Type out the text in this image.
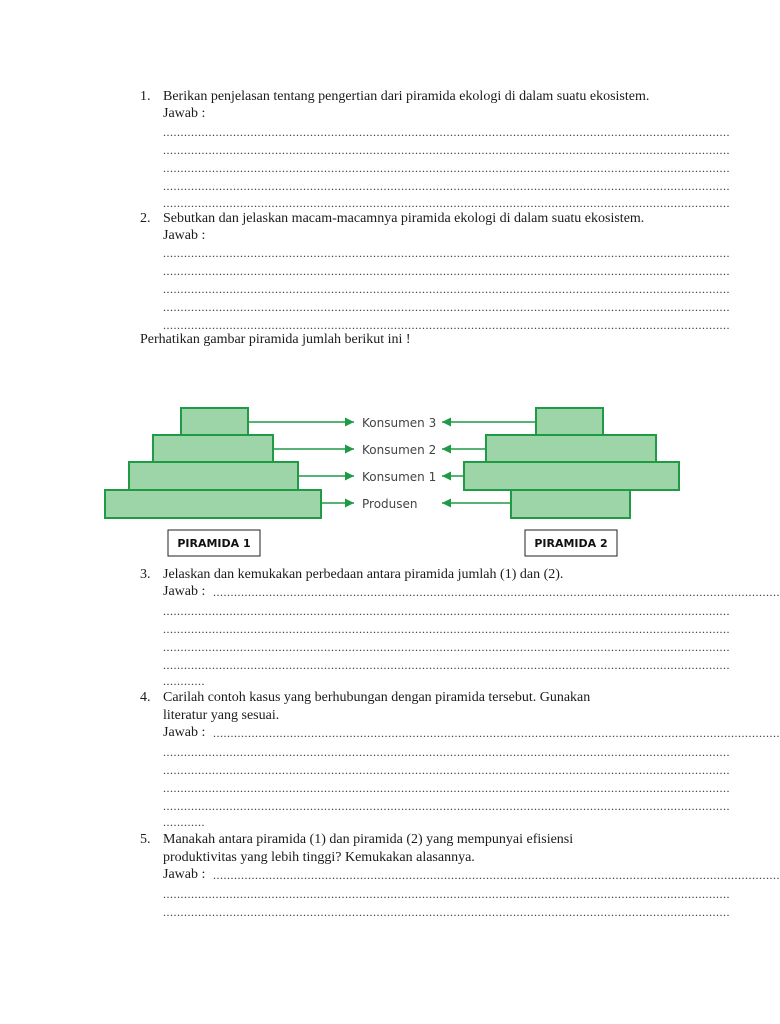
1. Berikan penjelasan tentang pengertian dari piramida ekologi di dalam suatu ekosistem.
Jawab :
..................................................................................................................................................................
..................................................................................................................................................................
..................................................................................................................................................................
..................................................................................................................................................................
..................................................................................................................................................................
2. Sebutkan dan jelaskan macam-macamnya piramida ekologi di dalam suatu ekosistem.
Jawab :
..................................................................................................................................................................
..................................................................................................................................................................
..................................................................................................................................................................
..................................................................................................................................................................
..................................................................................................................................................................
Perhatikan gambar piramida jumlah berikut ini !
Konsumen 3
Konsumen 2
Konsumen 1
Produsen
PIRAMIDA 1	PIRAMIDA 2
3. Jelaskan dan kemukakan perbedaan antara piramida jumlah (1) dan (2).
Jawab : ..................................................................................................................................................................
..................................................................................................................................................................
..................................................................................................................................................................
..................................................................................................................................................................
..................................................................................................................................................................
............
4. Carilah contoh kasus yang berhubungan dengan piramida tersebut. Gunakan
literatur yang sesuai.
Jawab : ..................................................................................................................................................................
..................................................................................................................................................................
..................................................................................................................................................................
..................................................................................................................................................................
..................................................................................................................................................................
............
5. Manakah antara piramida (1) dan piramida (2) yang mempunyai efisiensi
produktivitas yang lebih tinggi? Kemukakan alasannya.
Jawab : ..................................................................................................................................................................
..................................................................................................................................................................
..................................................................................................................................................................
